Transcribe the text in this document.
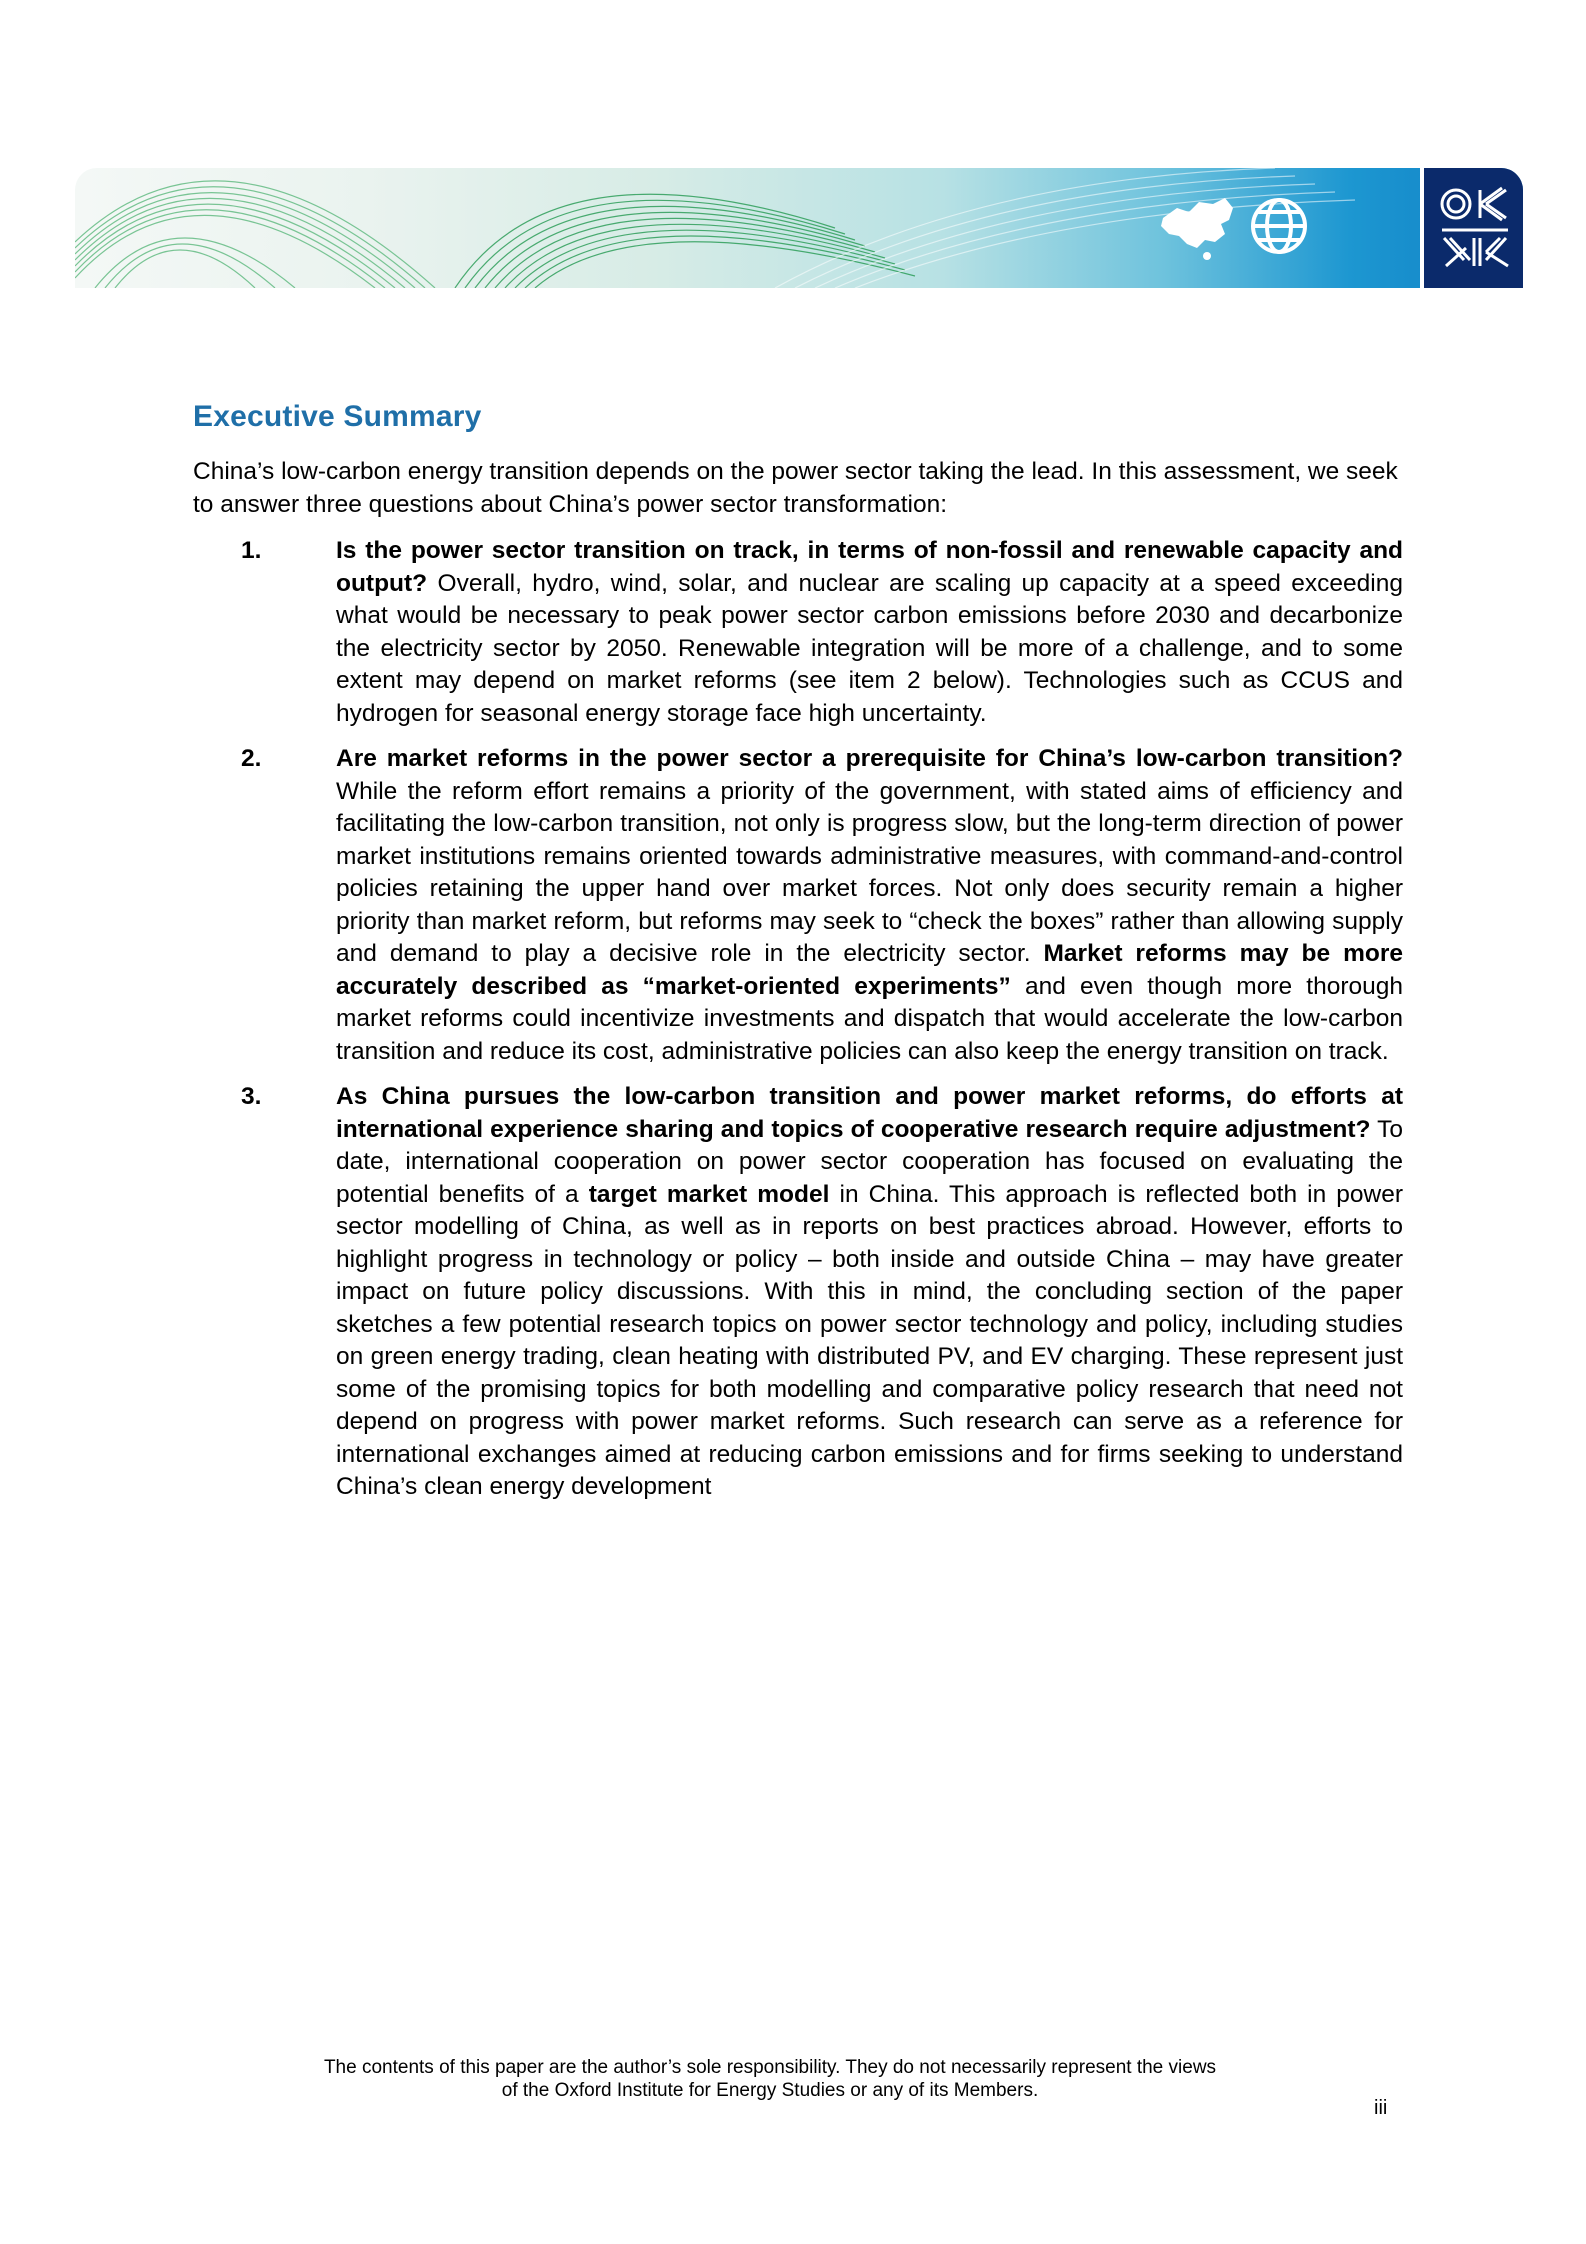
Executive Summary

China’s low-carbon energy transition depends on the power sector taking the lead. In this assessment, we seek to answer three questions about China’s power sector transformation:

1.	Is the power sector transition on track, in terms of non-fossil and renewable capacity and output? Overall, hydro, wind, solar, and nuclear are scaling up capacity at a speed exceeding what would be necessary to peak power sector carbon emissions before 2030 and decarbonize the electricity sector by 2050. Renewable integration will be more of a challenge, and to some extent may depend on market reforms (see item 2 below). Technologies such as CCUS and hydrogen for seasonal energy storage face high uncertainty.

2.	Are market reforms in the power sector a prerequisite for China’s low-carbon transition? While the reform effort remains a priority of the government, with stated aims of efficiency and facilitating the low-carbon transition, not only is progress slow, but the long-term direction of power market institutions remains oriented towards administrative measures, with command-and-control policies retaining the upper hand over market forces. Not only does security remain a higher priority than market reform, but reforms may seek to “check the boxes” rather than allowing supply and demand to play a decisive role in the electricity sector. Market reforms may be more accurately described as “market-oriented experiments” and even though more thorough market reforms could incentivize investments and dispatch that would accelerate the low-carbon transition and reduce its cost, administrative policies can also keep the energy transition on track.

3.	As China pursues the low-carbon transition and power market reforms, do efforts at international experience sharing and topics of cooperative research require adjustment? To date, international cooperation on power sector cooperation has focused on evaluating the potential benefits of a target market model in China. This approach is reflected both in power sector modelling of China, as well as in reports on best practices abroad. However, efforts to highlight progress in technology or policy – both inside and outside China – may have greater impact on future policy discussions. With this in mind, the concluding section of the paper sketches a few potential research topics on power sector technology and policy, including studies on green energy trading, clean heating with distributed PV, and EV charging. These represent just some of the promising topics for both modelling and comparative policy research that need not depend on progress with power market reforms. Such research can serve as a reference for international exchanges aimed at reducing carbon emissions and for firms seeking to understand China’s clean energy development

The contents of this paper are the author’s sole responsibility. They do not necessarily represent the views
of the Oxford Institute for Energy Studies or any of its Members.
iii
